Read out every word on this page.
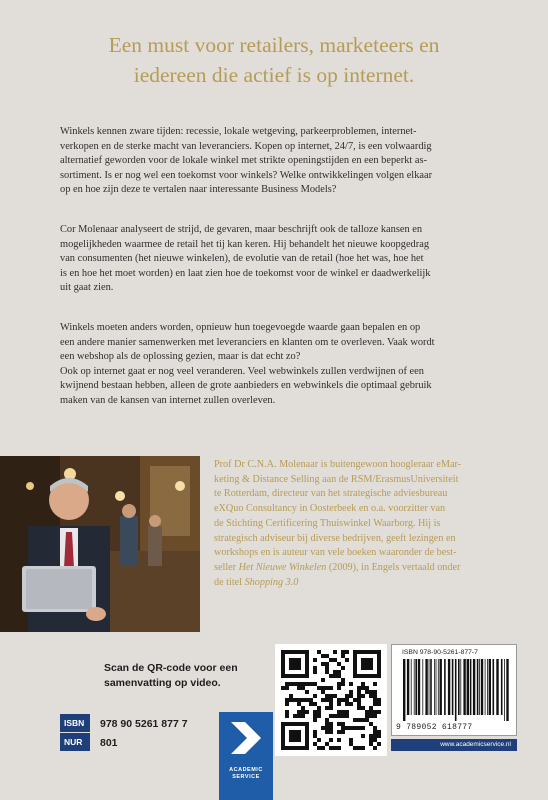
Een must voor retailers, marketeers en
iedereen die actief is op internet.
Winkels kennen zware tijden: recessie, lokale wetgeving, parkeerproblemen, internet-
verkopen en de sterke macht van leveranciers. Kopen op internet, 24/7, is een volwaardig
alternatief geworden voor de lokale winkel met strikte openingstijden en een beperkt as-
sortiment. Is er nog wel een toekomst voor winkels? Welke ontwikkelingen volgen elkaar
op en hoe zijn deze te vertalen naar interessante Business Models?
Cor Molenaar analyseert de strijd, de gevaren, maar beschrijft ook de talloze kansen en
mogelijkheden waarmee de retail het tij kan keren. Hij behandelt het nieuwe koopgedrag
van consumenten (het nieuwe winkelen), de evolutie van de retail (hoe het was, hoe het
is en hoe het moet worden) en laat zien hoe de toekomst voor de winkel er daadwerkelijk
uit gaat zien.
Winkels moeten anders worden, opnieuw hun toegevoegde waarde gaan bepalen en op
een andere manier samenwerken met leveranciers en klanten om te overleven. Vaak wordt
een webshop als de oplossing gezien, maar is dat echt zo?
Ook op internet gaat er nog veel veranderen. Veel webwinkels zullen verdwijnen of een
kwijnend bestaan hebben, alleen de grote aanbieders en webwinkels die optimaal gebruik
maken van de kansen van internet zullen overleven.
Prof Dr C.N.A. Molenaar is buitengewoon hoogleraar eMar-
keting & Distance Selling aan de RSM/ErasmusUniversiteit
te Rotterdam, directeur van het strategische adviesbureau
eXQuo Consultancy in Oosterbeek en o.a. voorzitter van
de Stichting Certificering Thuiswinkel Waarborg. Hij is
strategisch adviseur bij diverse bedrijven, geeft lezingen en
workshops en is auteur van vele boeken waaronder de best-
seller Het Nieuwe Winkelen (2009), in Engels vertaald onder
de titel Shopping 3.0
Scan de QR-code voor een
samenvatting op video.
ISBN	978 90 5261 877 7
NUR	801
ACADEMIC
SERVICE
ISBN 978-90-5261-877-7
9 789052 618777
www.academicservice.nl
